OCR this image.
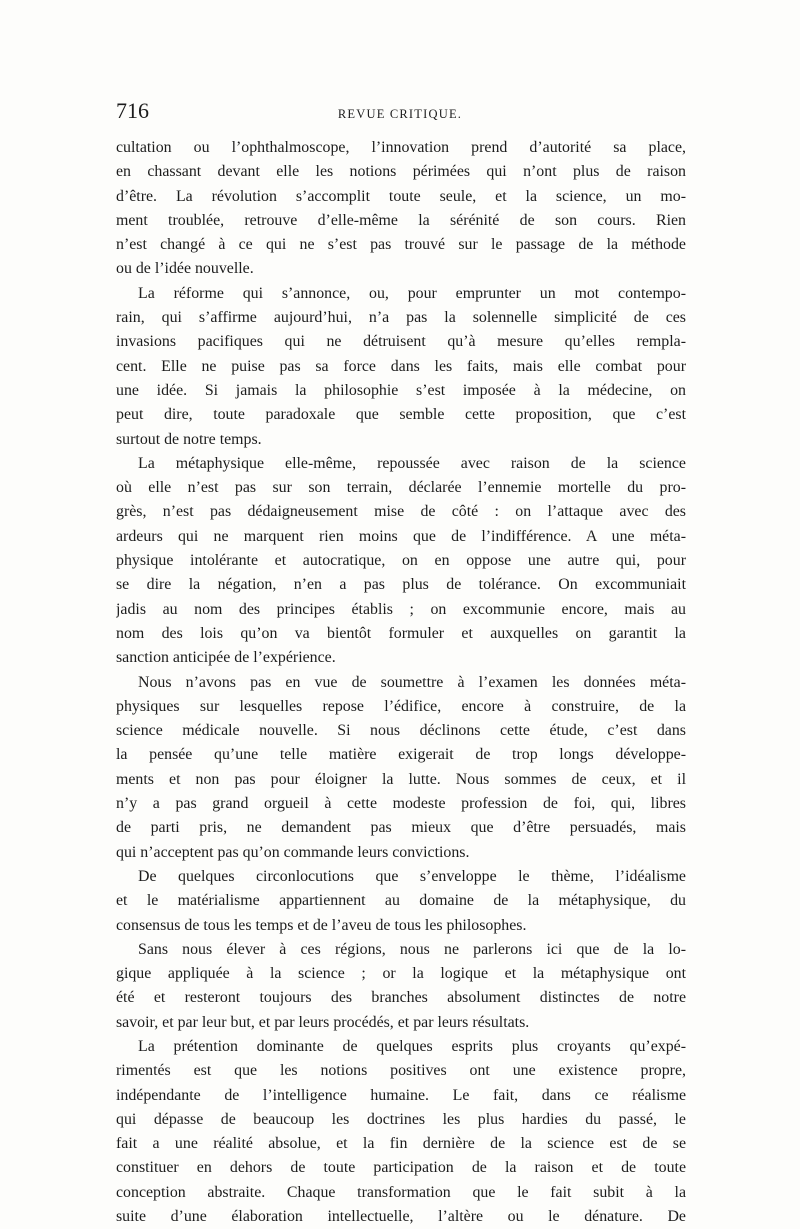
716	REVUE CRITIQUE.
cultation ou l’ophthalmoscope, l’innovation prend d’autorité sa place,
en chassant devant elle les notions périmées qui n’ont plus de raison
d’être. La révolution s’accomplit toute seule, et la science, un mo-
ment troublée, retrouve d’elle-même la sérénité de son cours. Rien
n’est changé à ce qui ne s’est pas trouvé sur le passage de la méthode
ou de l’idée nouvelle.
La réforme qui s’annonce, ou, pour emprunter un mot contempo-
rain, qui s’affirme aujourd’hui, n’a pas la solennelle simplicité de ces
invasions pacifiques qui ne détruisent qu’à mesure qu’elles rempla-
cent. Elle ne puise pas sa force dans les faits, mais elle combat pour
une idée. Si jamais la philosophie s’est imposée à la médecine, on
peut dire, toute paradoxale que semble cette proposition, que c’est
surtout de notre temps.
La métaphysique elle-même, repoussée avec raison de la science
où elle n’est pas sur son terrain, déclarée l’ennemie mortelle du pro-
grès, n’est pas dédaigneusement mise de côté : on l’attaque avec des
ardeurs qui ne marquent rien moins que de l’indifférence. A une méta-
physique intolérante et autocratique, on en oppose une autre qui, pour
se dire la négation, n’en a pas plus de tolérance. On excommuniait
jadis au nom des principes établis ; on excommunie encore, mais au
nom des lois qu’on va bientôt formuler et auxquelles on garantit la
sanction anticipée de l’expérience.
Nous n’avons pas en vue de soumettre à l’examen les données méta-
physiques sur lesquelles repose l’édifice, encore à construire, de la
science médicale nouvelle. Si nous déclinons cette étude, c’est dans
la pensée qu’une telle matière exigerait de trop longs développe-
ments et non pas pour éloigner la lutte. Nous sommes de ceux, et il
n’y a pas grand orgueil à cette modeste profession de foi, qui, libres
de parti pris, ne demandent pas mieux que d’être persuadés, mais
qui n’acceptent pas qu’on commande leurs convictions.
De quelques circonlocutions que s’enveloppe le thème, l’idéalisme
et le matérialisme appartiennent au domaine de la métaphysique, du
consensus de tous les temps et de l’aveu de tous les philosophes.
Sans nous élever à ces régions, nous ne parlerons ici que de la lo-
gique appliquée à la science ; or la logique et la métaphysique ont
été et resteront toujours des branches absolument distinctes de notre
savoir, et par leur but, et par leurs procédés, et par leurs résultats.
La prétention dominante de quelques esprits plus croyants qu’expé-
rimentés est que les notions positives ont une existence propre,
indépendante de l’intelligence humaine. Le fait, dans ce réalisme
qui dépasse de beaucoup les doctrines les plus hardies du passé, le
fait a une réalité absolue, et la fin dernière de la science est de se
constituer en dehors de toute participation de la raison et de toute
conception abstraite. Chaque transformation que le fait subit à la
suite d’une élaboration intellectuelle, l’altère ou le dénature. De
